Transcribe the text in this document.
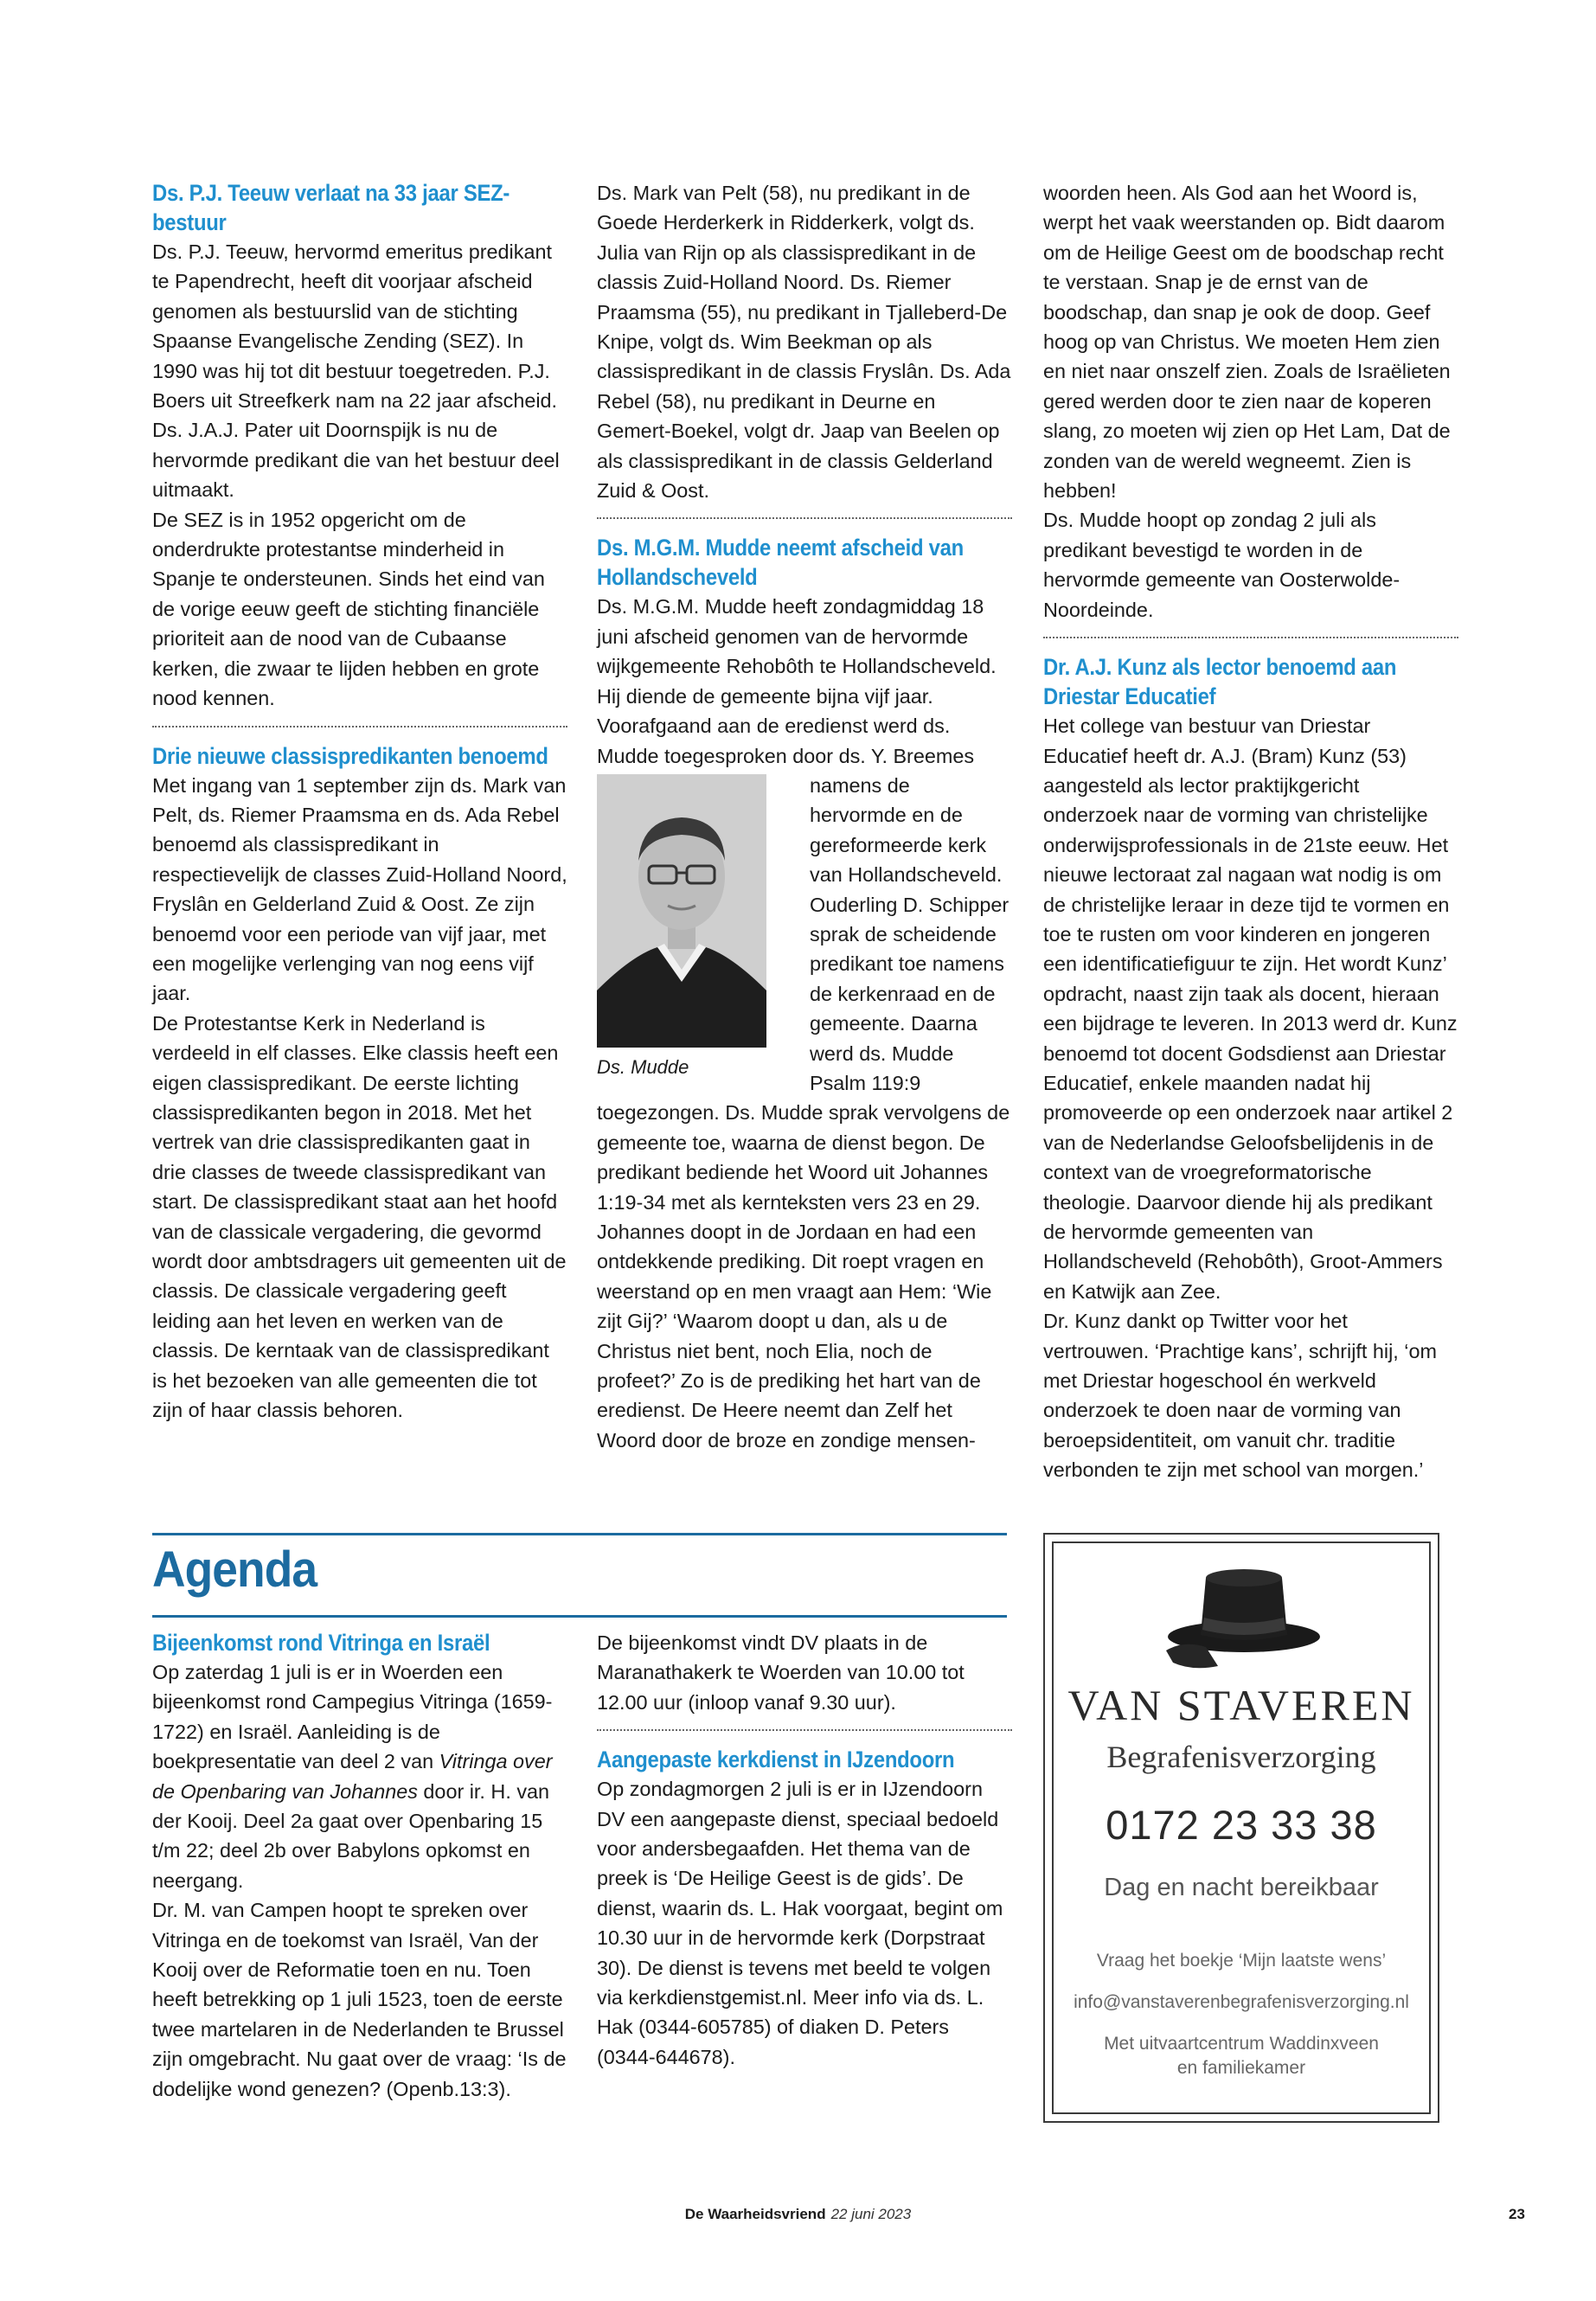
Ds. P.J. Teeuw verlaat na 33 jaar SEZ-bestuur

Ds. P.J. Teeuw, hervormd emeritus predikant te Papendrecht, heeft dit voorjaar afscheid genomen als bestuurslid van de stichting Spaanse Evangelische Zending (SEZ). In 1990 was hij tot dit bestuur toegetreden. P.J. Boers uit Streefkerk nam na 22 jaar afscheid. Ds. J.A.J. Pater uit Doornspijk is nu de hervormde predikant die van het bestuur deel uitmaakt.

De SEZ is in 1952 opgericht om de onderdrukte protestantse minderheid in Spanje te ondersteunen. Sinds het eind van de vorige eeuw geeft de stichting financiële prioriteit aan de nood van de Cubaanse kerken, die zwaar te lijden hebben en grote nood kennen.

Drie nieuwe classispredikanten benoemd

Met ingang van 1 september zijn ds. Mark van Pelt, ds. Riemer Praamsma en ds. Ada Rebel benoemd als classispredikant in respectievelijk de classes Zuid-Holland Noord, Fryslân en Gelderland Zuid & Oost. Ze zijn benoemd voor een periode van vijf jaar, met een mogelijke verlenging van nog eens vijf jaar.

De Protestantse Kerk in Nederland is verdeeld in elf classes. Elke classis heeft een eigen classispredikant. De eerste lichting classispredikanten begon in 2018. Met het vertrek van drie classispredikanten gaat in drie classes de tweede classispredikant van start. De classispredikant staat aan het hoofd van de classicale vergadering, die gevormd wordt door ambtsdragers uit gemeenten uit de classis. De classicale vergadering geeft leiding aan het leven en werken van de classis. De kerntaak van de classispredikant is het bezoeken van alle gemeenten die tot zijn of haar classis behoren.

Ds. Mark van Pelt (58), nu predikant in de Goede Herderkerk in Ridderkerk, volgt ds. Julia van Rijn op als classispredikant in de classis Zuid-Holland Noord. Ds. Riemer Praamsma (55), nu predikant in Tjalleberd-De Knipe, volgt ds. Wim Beekman op als classispredikant in de classis Fryslân. Ds. Ada Rebel (58), nu predikant in Deurne en Gemert-Boekel, volgt dr. Jaap van Beelen op als classispredikant in de classis Gelderland Zuid & Oost.

Ds. M.G.M. Mudde neemt afscheid van Hollandscheveld

Ds. M.G.M. Mudde heeft zondagmiddag 18 juni afscheid genomen van de hervormde wijkgemeente Rehobôth te Hollandscheveld. Hij diende de gemeente bijna vijf jaar. Voorafgaand aan de eredienst werd ds. Mudde toegesproken door ds. Y. Breemes

Ds. Mudde

namens de hervormde en de gereformeerde kerk van Hollandscheveld. Ouderling D. Schipper sprak de scheidende predikant toe namens de kerkenraad en de gemeente. Daarna werd ds. Mudde Psalm 119:9 toegezongen. Ds. Mudde sprak vervolgens de gemeente toe, waarna de dienst begon. De predikant bediende het Woord uit Johannes 1:19-34 met als kernteksten vers 23 en 29. Johannes doopt in de Jordaan en had een ontdekkende prediking. Dit roept vragen en weerstand op en men vraagt aan Hem: ‘Wie zijt Gij?’ ‘Waarom doopt u dan, als u de Christus niet bent, noch Elia, noch de profeet?’ Zo is de prediking het hart van de eredienst. De Heere neemt dan Zelf het Woord door de broze en zondige mensen-

woorden heen. Als God aan het Woord is, werpt het vaak weerstanden op. Bidt daarom om de Heilige Geest om de boodschap recht te verstaan. Snap je de ernst van de boodschap, dan snap je ook de doop. Geef hoog op van Christus. We moeten Hem zien en niet naar onszelf zien. Zoals de Israëlieten gered werden door te zien naar de koperen slang, zo moeten wij zien op Het Lam, Dat de zonden van de wereld wegneemt. Zien is hebben!

Ds. Mudde hoopt op zondag 2 juli als predikant bevestigd te worden in de hervormde gemeente van Oosterwolde-Noordeinde.

Dr. A.J. Kunz als lector benoemd aan Driestar Educatief

Het college van bestuur van Driestar Educatief heeft dr. A.J. (Bram) Kunz (53) aangesteld als lector praktijkgericht onderzoek naar de vorming van christelijke onderwijsprofessionals in de 21ste eeuw. Het nieuwe lectoraat zal nagaan wat nodig is om de christelijke leraar in deze tijd te vormen en toe te rusten om voor kinderen en jongeren een identificatiefiguur te zijn. Het wordt Kunz’ opdracht, naast zijn taak als docent, hieraan een bijdrage te leveren. In 2013 werd dr. Kunz benoemd tot docent Godsdienst aan Driestar Educatief, enkele maanden nadat hij promoveerde op een onderzoek naar artikel 2 van de Nederlandse Geloofsbelijdenis in de context van de vroegreformatorische theologie. Daarvoor diende hij als predikant de hervormde gemeenten van Hollandscheveld (Rehobôth), Groot-Ammers en Katwijk aan Zee.

Dr. Kunz dankt op Twitter voor het vertrouwen. ‘Prachtige kans’, schrijft hij, ‘om met Driestar hogeschool én werkveld onderzoek te doen naar de vorming van beroepsidentiteit, om vanuit chr. traditie verbonden te zijn met school van morgen.’

Agenda
Bijeenkomst rond Vitringa en Israël

Op zaterdag 1 juli is er in Woerden een bijeenkomst rond Campegius Vitringa (1659-1722) en Israël. Aanleiding is de boekpresentatie van deel 2 van Vitringa over de Openbaring van Johannes door ir. H. van der Kooij. Deel 2a gaat over Openbaring 15 t/m 22; deel 2b over Babylons opkomst en neergang.

Dr. M. van Campen hoopt te spreken over Vitringa en de toekomst van Israël, Van der Kooij over de Reformatie toen en nu. Toen heeft betrekking op 1 juli 1523, toen de eerste twee martelaren in de Nederlanden te Brussel zijn omgebracht. Nu gaat over de vraag: ‘Is de dodelijke wond genezen? (Openb.13:3).

De bijeenkomst vindt DV plaats in de Maranathakerk te Woerden van 10.00 tot 12.00 uur (inloop vanaf 9.30 uur).

Aangepaste kerkdienst in IJzendoorn

Op zondagmorgen 2 juli is er in IJzendoorn DV een aangepaste dienst, speciaal bedoeld voor andersbegaafden. Het thema van de preek is ‘De Heilige Geest is de gids’. De dienst, waarin ds. L. Hak voorgaat, begint om 10.30 uur in de hervormde kerk (Dorpstraat 30). De dienst is tevens met beeld te volgen via kerkdienstgemist.nl. Meer info via ds. L. Hak (0344-605785) of diaken D. Peters (0344-644678).

VAN STAVEREN
Begrafenisverzorging
0172 23 33 38
Dag en nacht bereikbaar
Vraag het boekje ‘Mijn laatste wens’
info@vanstaverenbegrafenisverzorging.nl
Met uitvaartcentrum Waddinxveen
en familiekamer
De Waarheidsvriend 22 juni 2023	23
